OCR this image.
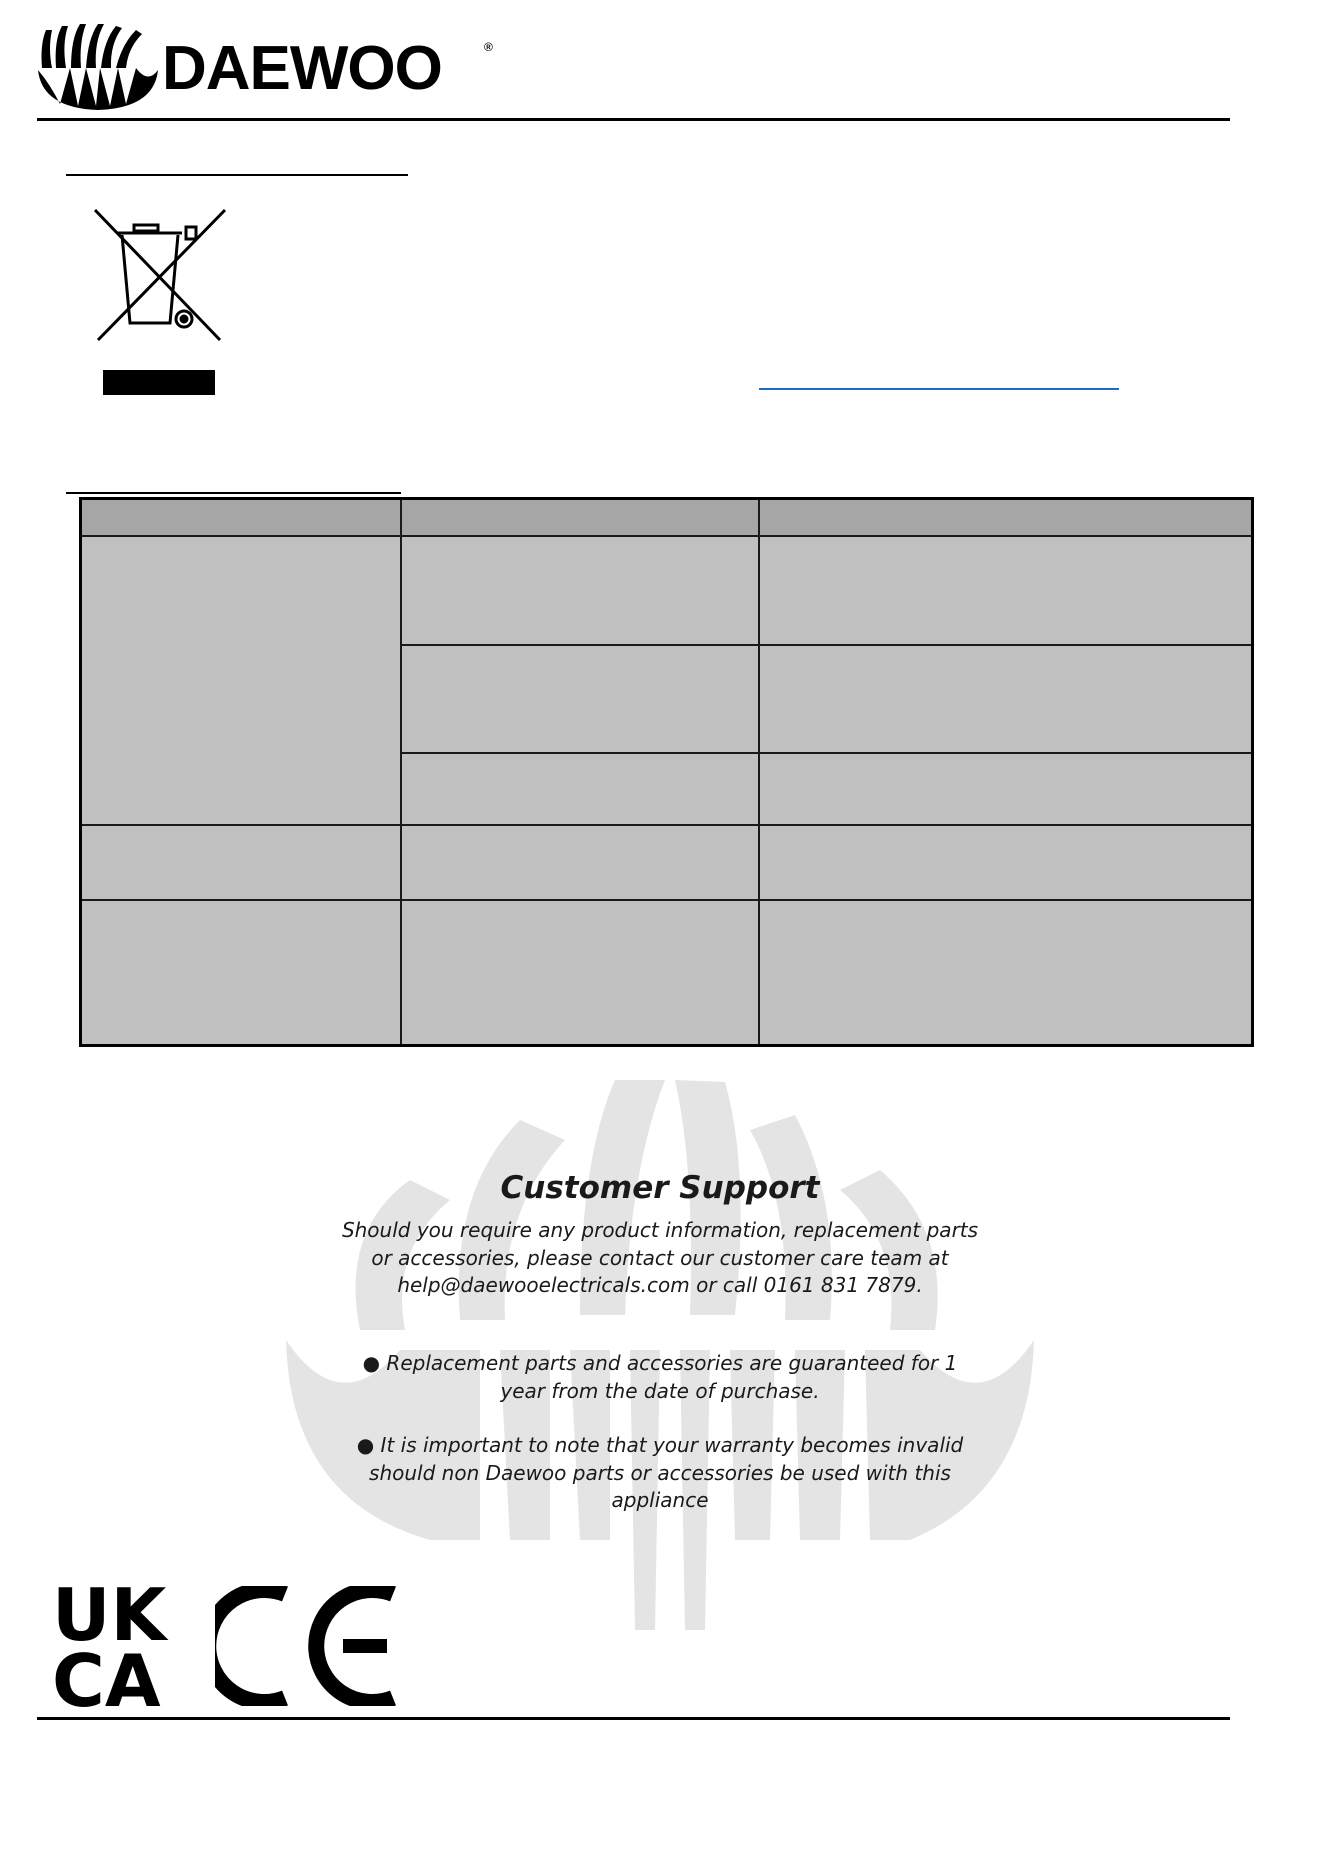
DAEWOO	®

Customer Support
Should you require any product information, replacement parts or accessories, please contact our customer care team at help@daewooelectricals.com or call 0161 831 7879.
● Replacement parts and accessories are guaranteed for 1 year from the date of purchase.
● It is important to note that your warranty becomes invalid should non Daewoo parts or accessories be used with this appliance
UK
CA
